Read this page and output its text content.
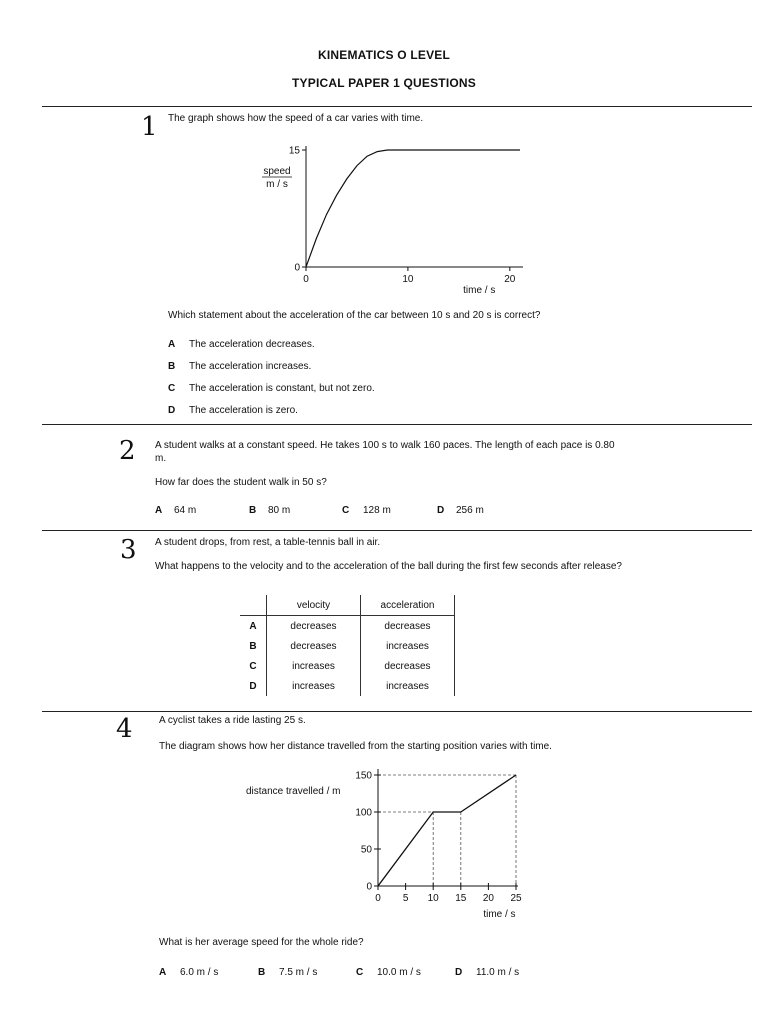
KINEMATICS O LEVEL
TYPICAL PAPER 1 QUESTIONS
1 The graph shows how the speed of a car varies with time.
0
15
0	10	20
speed
m / s
time / s
Which statement about the acceleration of the car between 10 s and 20 s is correct?
A The acceleration decreases.
B The acceleration increases.
C The acceleration is constant, but not zero.
D The acceleration is zero.
2 A student walks at a constant speed. He takes 100 s to walk 160 paces. The length of each pace is 0.80 m.
How far does the student walk in 50 s?
A 64 m	B 80 m	C 128 m	D 256 m
3 A student drops, from rest, a table-tennis ball in air.
What happens to the velocity and to the acceleration of the ball during the first few seconds after release?
	velocity	acceleration
A	decreases	decreases
B	decreases	increases
C	increases	decreases
D	increases	increases
4	A cyclist takes a ride lasting 25 s.
The diagram shows how her distance travelled from the starting position varies with time.
distance travelled / m
0
50
100
150
0 5 10 15 20 25
time / s
What is her average speed for the whole ride?
A 6.0 m / s	B 7.5 m / s	C 10.0 m / s	D 11.0 m / s
